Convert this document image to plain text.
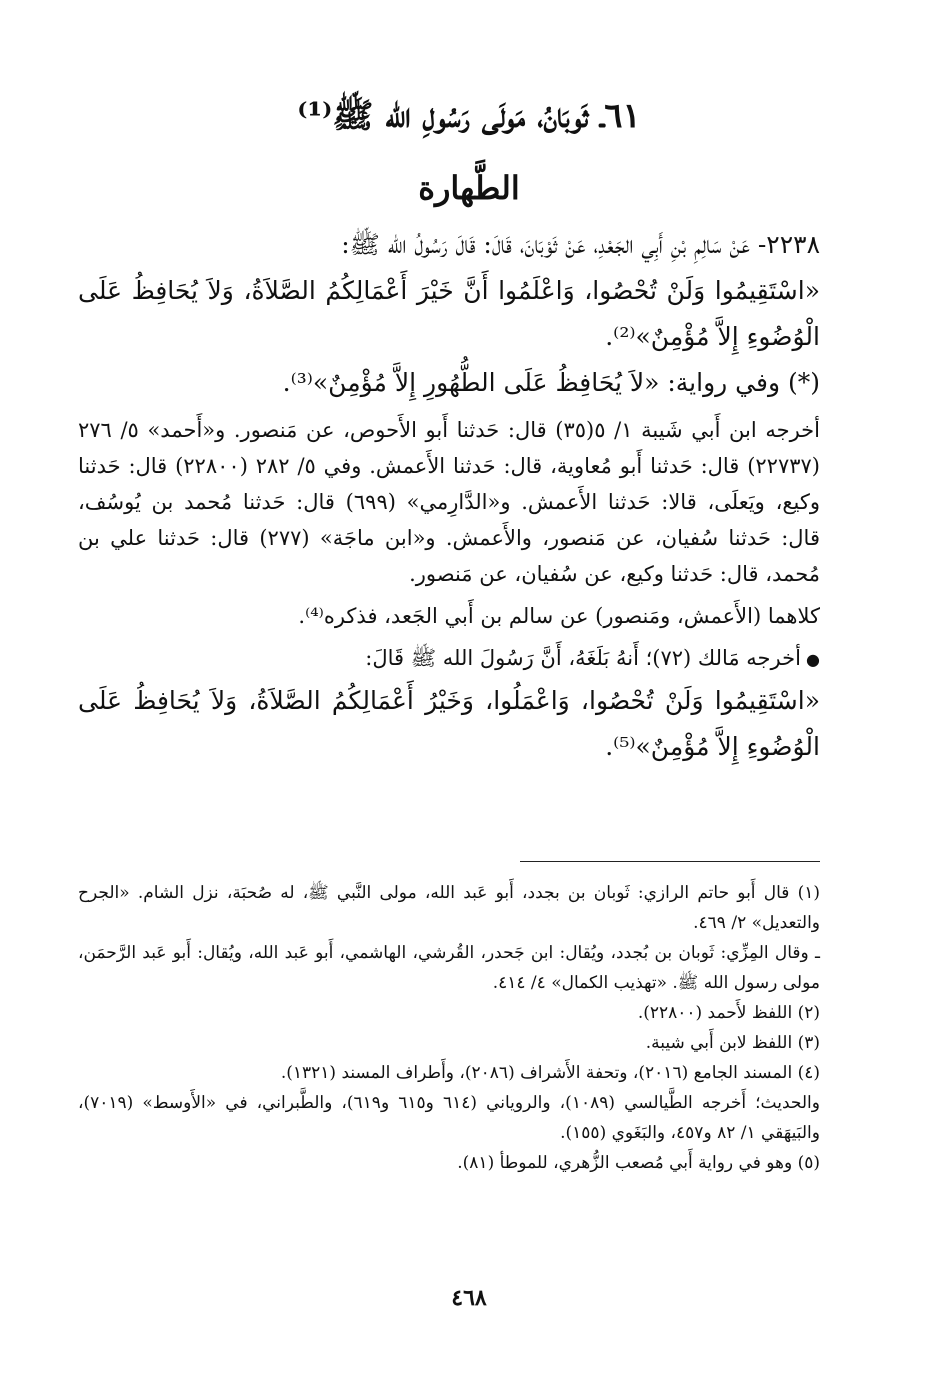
٦١ـ ثَوبَانُ، مَولَى رَسُولِ الله ﷺ⁽¹⁾
الطَّهارة

٢٢٣٨- عَنْ سَالِمِ بْنِ أَبِي الجَعْدِ، عَنْ ثَوْبَانَ، قَالَ: قَالَ رَسُولُ الله ﷺ:

«اسْتَقِيمُوا وَلَنْ تُحْصُوا، وَاعْلَمُوا أَنَّ خَيْرَ أَعْمَالِكُمُ الصَّلاَةُ، وَلاَ يُحَافِظُ عَلَى الْوُضُوءِ إِلاَّ مُؤْمِنٌ»⁽²⁾.

(*) وفي رواية: «لاَ يُحَافِظُ عَلَى الطُّهُورِ إِلاَّ مُؤْمِنٌ»⁽³⁾.

أخرجه ابن أَبي شَيبة ١/ ٥(٣٥) قال: حَدثنا أَبو الأَحوص، عن مَنصور. و«أَحمد» ٥/ ٢٧٦ (٢٢٧٣٧) قال: حَدثنا أَبو مُعاوية، قال: حَدثنا الأَعمش. وفي ٥/ ٢٨٢ (٢٢٨٠٠) قال: حَدثنا وكيع، ويَعلَى، قالا: حَدثنا الأَعمش. و«الدَّارِمي» (٦٩٩) قال: حَدثنا مُحمد بن يُوسُف، قال: حَدثنا سُفيان، عن مَنصور، والأَعمش. و«ابن ماجَة» (٢٧٧) قال: حَدثنا علي بن مُحمد، قال: حَدثنا وكيع، عن سُفيان، عن مَنصور.

كلاهما (الأَعمش، ومَنصور) عن سالم بن أَبي الجَعد، فذكره⁽⁴⁾.

● أخرجه مَالك (٧٢)؛ أَنهُ بَلَغَهُ، أَنَّ رَسُولَ الله ﷺ قَالَ:

«اسْتَقِيمُوا وَلَنْ تُحْصُوا، وَاعْمَلُوا، وَخَيْرُ أَعْمَالِكُمُ الصَّلاَةُ، وَلاَ يُحَافِظُ عَلَى الْوُضُوءِ إِلاَّ مُؤْمِنٌ»⁽⁵⁾.

(١) قال أَبو حاتم الرازي: ثَوبان بن بجدد، أَبو عَبد الله، مولى النَّبي ﷺ، له صُحبَة، نزل الشام. «الجرح والتعديل» ٢/ ٤٦٩.

ـ وقال المِزِّي: ثَوبان بن بُجدد، ويُقال: ابن جَحدر، القُرشي، الهاشمي، أَبو عَبد الله، ويُقال: أَبو عَبد الرَّحمَن، مولى رسول الله ﷺ. «تهذيب الكمال» ٤/ ٤١٤.

(٢) اللفظ لأَحمد (٢٢٨٠٠).

(٣) اللفظ لابن أَبي شيبة.

(٤) المسند الجامع (٢٠١٦)، وتحفة الأَشراف (٢٠٨٦)، وأَطراف المسند (١٣٢١).

والحديث؛ أَخرجه الطَّيالسي (١٠٨٩)، والروياني (٦١٤ و٦١٥ و٦١٩)، والطَّبراني، في «الأَوسط» (٧٠١٩)، والبَيهَقي ١/ ٨٢ و٤٥٧، والبَغَوي (١٥٥).

(٥) وهو في رواية أَبي مُصعب الزُّهري، للموطأ (٨١).

٤٦٨
